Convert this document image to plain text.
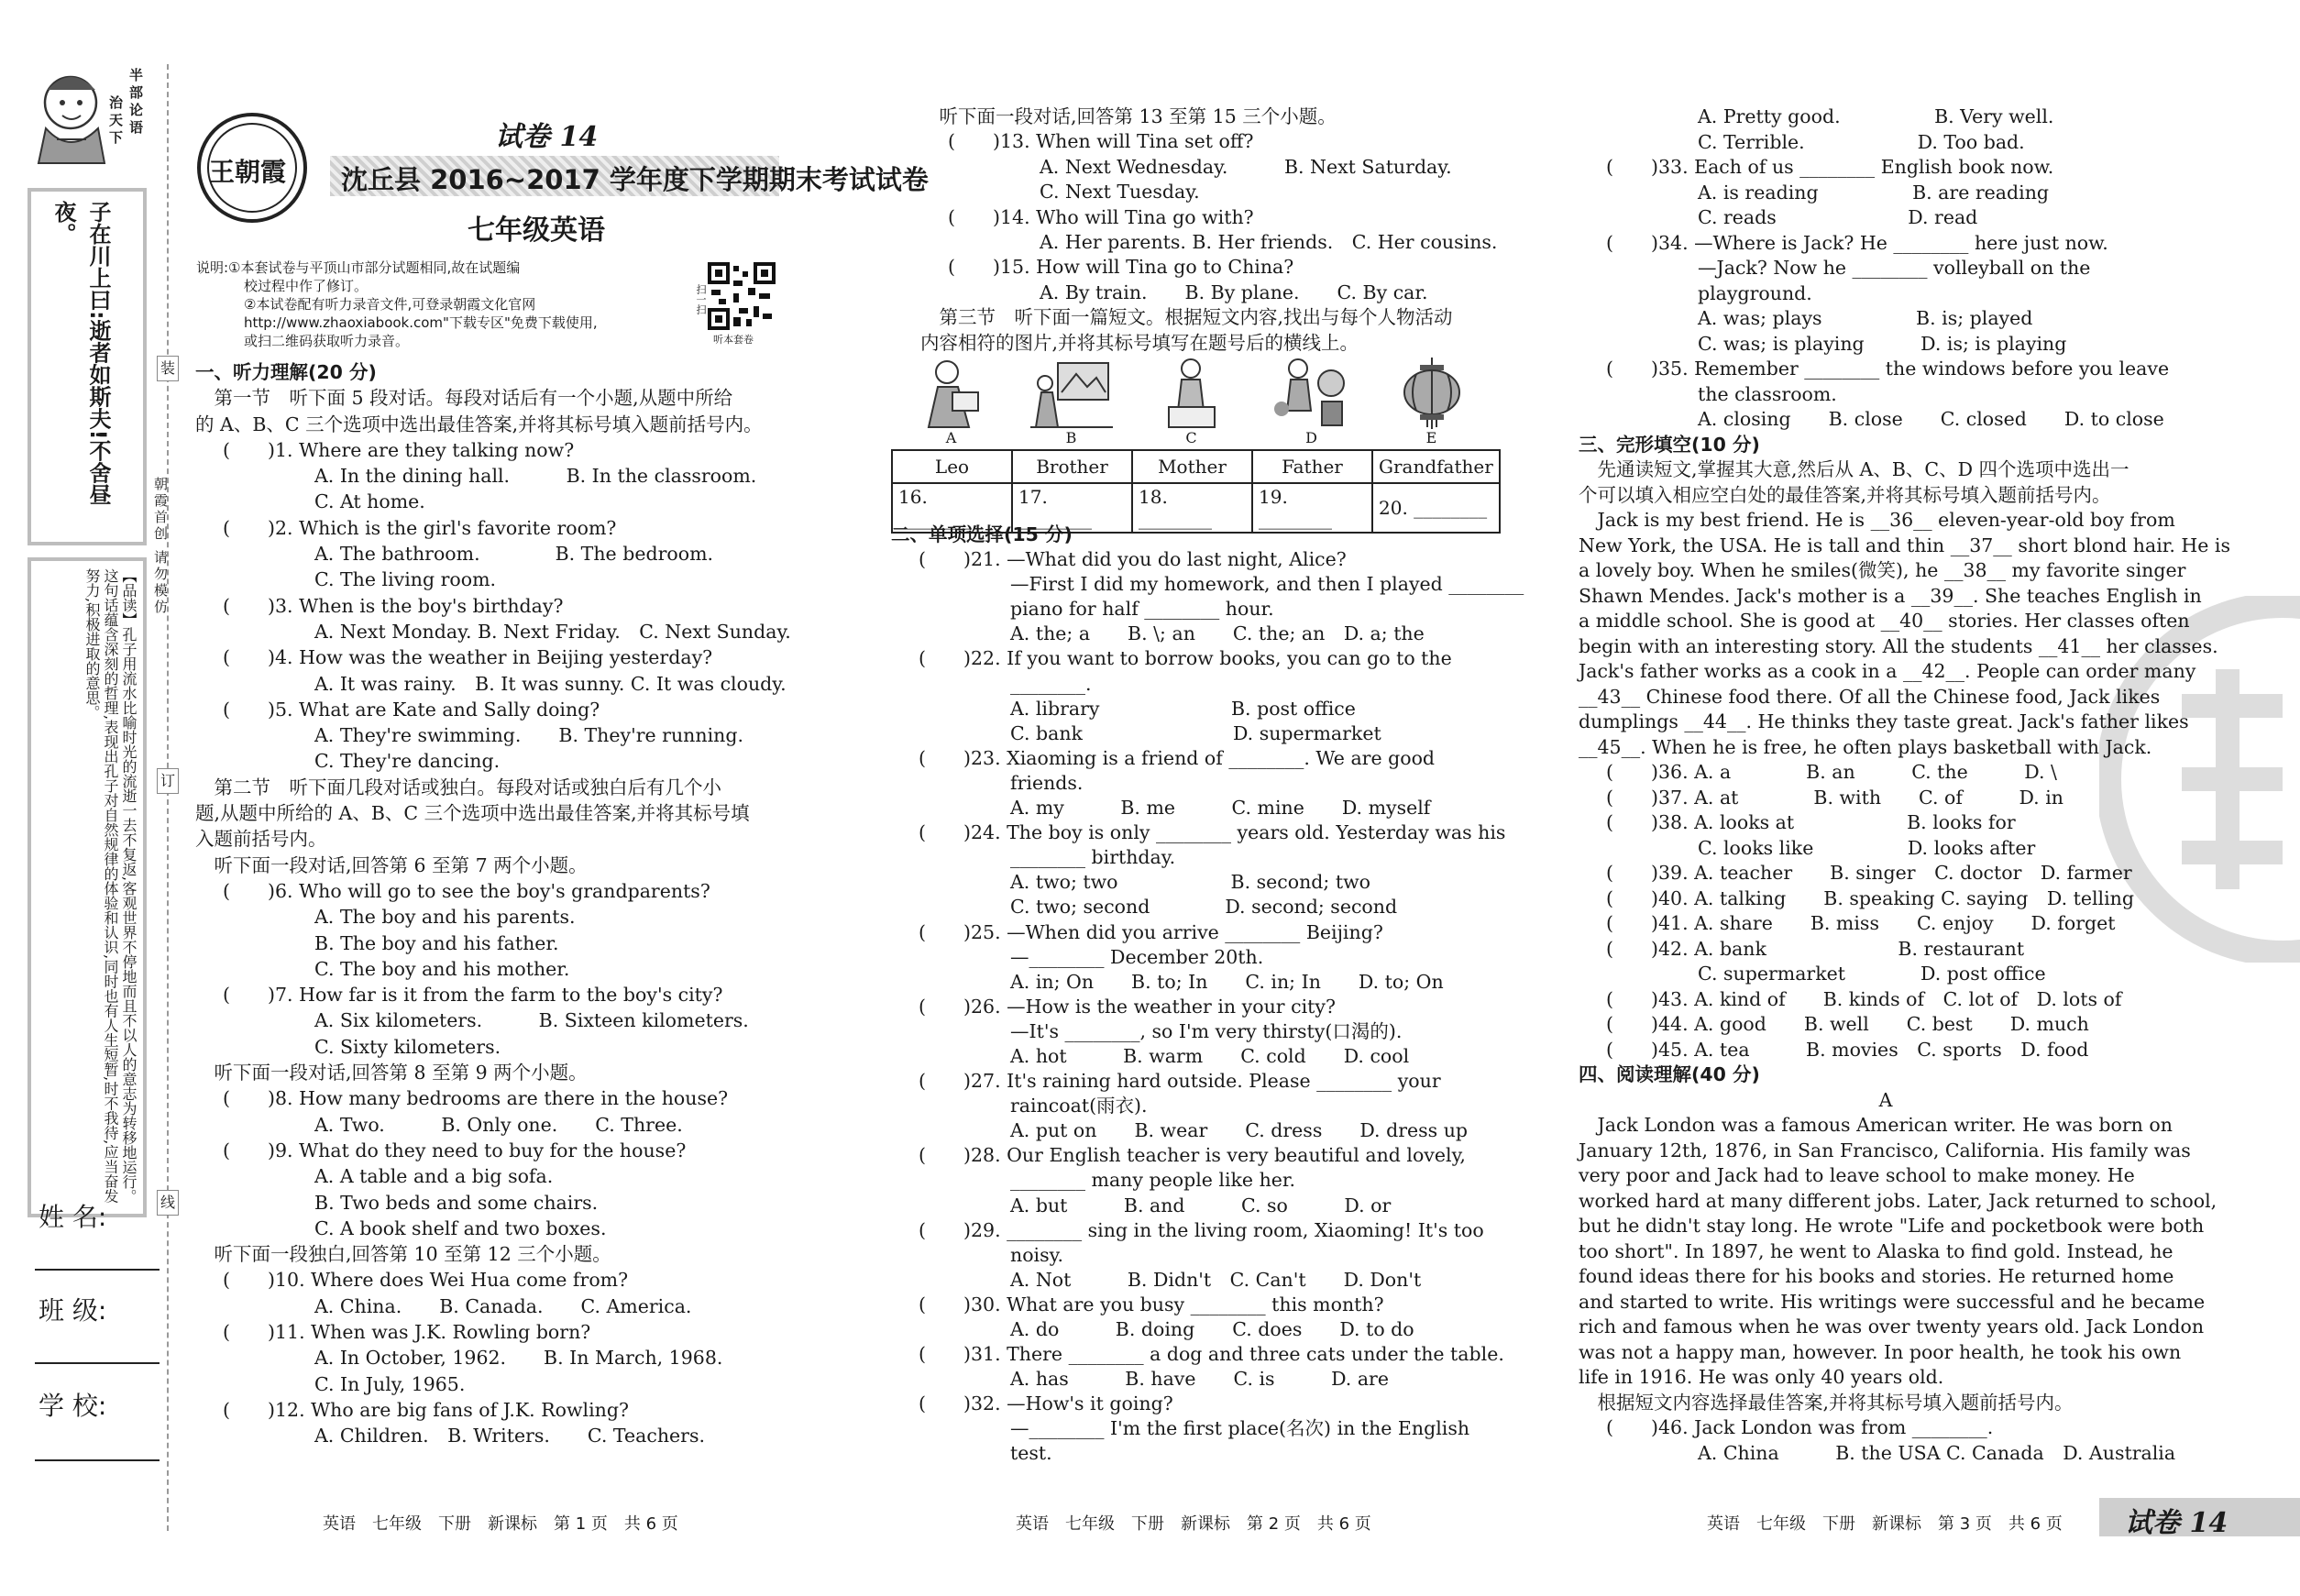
半部论语
治天下
子在川上曰:逝者如斯夫!不舍昼夜。
【品读】孔子用流水比喻时光的流逝一去不复返,客观世界不停地而且不以人的意志为转移地运行。这句话蕴含深刻的哲理,表现出孔子对自然规律的体验和认识,同时也有人生短暂,时不我待,应当奋发努力,积极进取的意思。
朝霞首创 请勿模仿
装
订
线
姓 名:
班 级:
学 校:
王朝霞
试卷 14
沈丘县 2016~2017 学年度下学期期末考试试卷
七年级英语
说明:①本套试卷与平顶山市部分试题相同,故在试题编
校过程中作了修订。
②本试卷配有听力录音文件,可登录朝霞文化官网
http://www.zhaoxiabook.com"下载专区"免费下载使用,
或扫二维码获取听力录音。
扫一扫
听本套卷
一、听力理解(20 分)
　第一节　听下面 5 段对话。每段对话后有一个小题,从题中所给
的 A、B、C 三个选项中选出最佳答案,并将其标号填入题前括号内。
(　　)1. Where are they talking now?
A. In the dining hall.　　　B. In the classroom.
C. At home.
(　　)2. Which is the girl's favorite room?
A. The bathroom.　　　　B. The bedroom.
C. The living room.
(　　)3. When is the boy's birthday?
A. Next Monday. B. Next Friday.　C. Next Sunday.
(　　)4. How was the weather in Beijing yesterday?
A. It was rainy.　B. It was sunny. C. It was cloudy.
(　　)5. What are Kate and Sally doing?
A. They're swimming.　　B. They're running.
C. They're dancing.
　第二节　听下面几段对话或独白。每段对话或独白后有几个小
题,从题中所给的 A、B、C 三个选项中选出最佳答案,并将其标号填
入题前括号内。
　听下面一段对话,回答第 6 至第 7 两个小题。
(　　)6. Who will go to see the boy's grandparents?
A. The boy and his parents.
B. The boy and his father.
C. The boy and his mother.
(　　)7. How far is it from the farm to the boy's city?
A. Six kilometers.　　　B. Sixteen kilometers.
C. Sixty kilometers.
　听下面一段对话,回答第 8 至第 9 两个小题。
(　　)8. How many bedrooms are there in the house?
A. Two.　　　B. Only one.　　C. Three.
(　　)9. What do they need to buy for the house?
A. A table and a big sofa.
B. Two beds and some chairs.
C. A book shelf and two boxes.
　听下面一段独白,回答第 10 至第 12 三个小题。
(　　)10. Where does Wei Hua come from?
A. China.　　B. Canada.　　C. America.
(　　)11. When was J.K. Rowling born?
A. In October, 1962.　　B. In March, 1968.
C. In July, 1965.
(　　)12. Who are big fans of J.K. Rowling?
A. Children.　B. Writers.　　C. Teachers.
　听下面一段对话,回答第 13 至第 15 三个小题。
(　　)13. When will Tina set off?
A. Next Wednesday.　　　B. Next Saturday.
C. Next Tuesday.
(　　)14. Who will Tina go with?
A. Her parents. B. Her friends.　C. Her cousins.
(　　)15. How will Tina go to China?
A. By train.　　B. By plane.　　C. By car.
　第三节　听下面一篇短文。根据短文内容,找出与每个人物活动
内容相符的图片,并将其标号填写在题号后的横线上。
A	B	C	D	E
Leo	Brother	Mother	Father	Grandfather
16. ________	17. ________	18. ________	19. ________	20. ________
二、单项选择(15 分)
(　　)21. —What did you do last night, Alice?
—First I did my homework, and then I played ________
piano for half ________ hour.
A. the; a　　B. \; an　　C. the; an　D. a; the
(　　)22. If you want to borrow books, you can go to the
________.
A. library　　　　　　　B. post office
C. bank　　　　　　　　D. supermarket
(　　)23. Xiaoming is a friend of ________. We are good
friends.
A. my　　　B. me　　　C. mine　　D. myself
(　　)24. The boy is only ________ years old. Yesterday was his
________ birthday.
A. two; two　　　　　　B. second; two
C. two; second　　　　D. second; second
(　　)25. —When did you arrive ________ Beijing?
—________ December 20th.
A. in; On　　B. to; In　　C. in; In　　D. to; On
(　　)26. —How is the weather in your city?
—It's ________, so I'm very thirsty(口渴的).
A. hot　　　B. warm　　C. cold　　D. cool
(　　)27. It's raining hard outside. Please ________ your
raincoat(雨衣).
A. put on　　B. wear　　C. dress　　D. dress up
(　　)28. Our English teacher is very beautiful and lovely,
________ many people like her.
A. but　　　B. and　　　C. so　　　D. or
(　　)29. ________ sing in the living room, Xiaoming! It's too
noisy.
A. Not　　　B. Didn't　C. Can't　　D. Don't
(　　)30. What are you busy ________ this month?
A. do　　　B. doing　　C. does　　D. to do
(　　)31. There ________ a dog and three cats under the table.
A. has　　　B. have　　C. is　　　D. are
(　　)32. —How's it going?
—________ I'm the first place(名次) in the English
test.
A. Pretty good.　　　　　B. Very well.
C. Terrible.　　　　　　D. Too bad.
(　　)33. Each of us ________ English book now.
A. is reading　　　　　B. are reading
C. reads　　　　　　　D. read
(　　)34. —Where is Jack? He ________ here just now.
—Jack? Now he ________ volleyball on the
playground.
A. was; plays　　　　　B. is; played
C. was; is playing　　　D. is; is playing
(　　)35. Remember ________ the windows before you leave
the classroom.
A. closing　　B. close　　C. closed　　D. to close
三、完形填空(10 分)
　先通读短文,掌握其大意,然后从 A、B、C、D 四个选项中选出一
个可以填入相应空白处的最佳答案,并将其标号填入题前括号内。
　Jack is my best friend. He is __36__ eleven-year-old boy from
New York, the USA. He is tall and thin __37__ short blond hair. He is
a lovely boy. When he smiles(微笑), he __38__ my favorite singer
Shawn Mendes. Jack's mother is a __39__. She teaches English in
a middle school. She is good at __40__ stories. Her classes often
begin with an interesting story. All the students __41__ her classes.
Jack's father works as a cook in a __42__. People can order many
__43__ Chinese food there. Of all the Chinese food, Jack likes
dumplings __44__. He thinks they taste great. Jack's father likes
__45__. When he is free, he often plays basketball with Jack.
(　　)36. A. a　　　　B. an　　　C. the　　　D. \
(　　)37. A. at　　　　B. with　　C. of　　　D. in
(　　)38. A. looks at　　　　　　B. looks for
C. looks like　　　　　D. looks after
(　　)39. A. teacher　　B. singer　C. doctor　D. farmer
(　　)40. A. talking　　B. speaking C. saying　D. telling
(　　)41. A. share　　B. miss　　C. enjoy　　D. forget
(　　)42. A. bank　　　　　　　B. restaurant
C. supermarket　　　　D. post office
(　　)43. A. kind of　　B. kinds of　C. lot of　D. lots of
(　　)44. A. good　　B. well　　C. best　　D. much
(　　)45. A. tea　　　B. movies　C. sports　D. food
四、阅读理解(40 分)
A
　Jack London was a famous American writer. He was born on
January 12th, 1876, in San Francisco, California. His family was
very poor and Jack had to leave school to make money. He
worked hard at many different jobs. Later, Jack returned to school,
but he didn't stay long. He wrote "Life and pocketbook were both
too short". In 1897, he went to Alaska to find gold. Instead, he
found ideas there for his books and stories. He returned home
and started to write. His writings were successful and he became
rich and famous when he was over twenty years old. Jack London
was not a happy man, however. In poor health, he took his own
life in 1916. He was only 40 years old.
　根据短文内容选择最佳答案,并将其标号填入题前括号内。
(　　)46. Jack London was from ________.
A. China　　　B. the USA C. Canada　D. Australia
英语　七年级　下册　新课标　第 1 页　共 6 页	英语　七年级　下册　新课标　第 2 页　共 6 页	英语　七年级　下册　新课标　第 3 页　共 6 页 试卷 14
